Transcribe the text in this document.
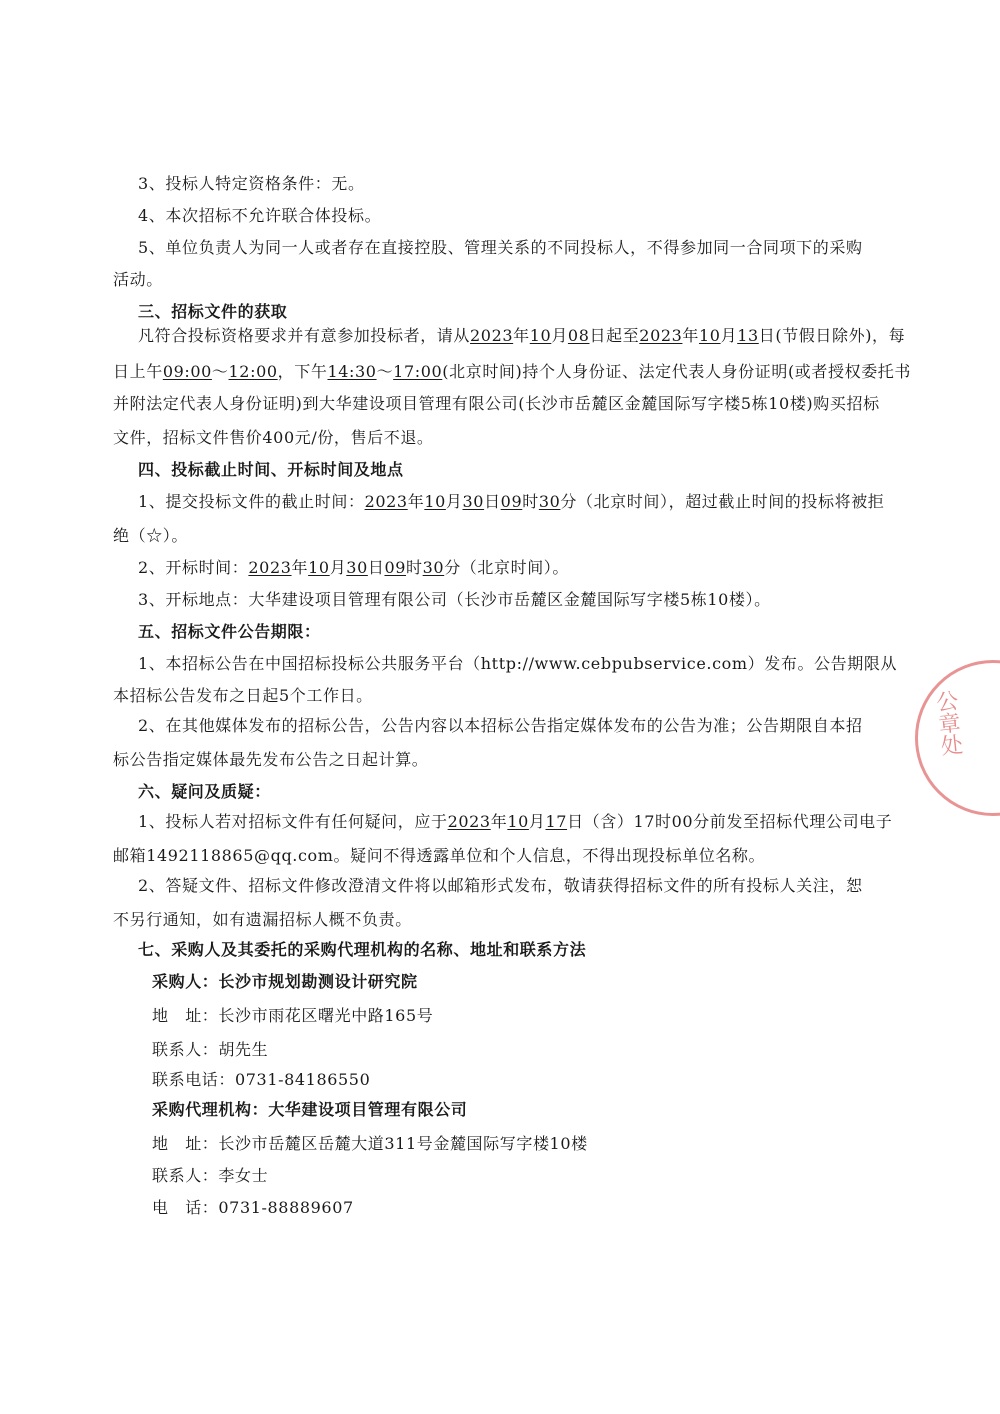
3、投标人特定资格条件：无。
4、本次招标不允许联合体投标。
5、单位负责人为同一人或者存在直接控股、管理关系的不同投标人，不得参加同一合同项下的采购
活动。
三、招标文件的获取
凡符合投标资格要求并有意参加投标者，请从2023年10月08日起至2023年10月13日(节假日除外)，每
日上午09:00～12:00，下午14:30～17:00(北京时间)持个人身份证、法定代表人身份证明(或者授权委托书
并附法定代表人身份证明)到大华建设项目管理有限公司(长沙市岳麓区金麓国际写字楼5栋10楼)购买招标
文件，招标文件售价400元/份，售后不退。
四、投标截止时间、开标时间及地点
1、提交投标文件的截止时间：2023年10月30日09时30分（北京时间），超过截止时间的投标将被拒
绝（☆）。
2、开标时间：2023年10月30日09时30分（北京时间）。
3、开标地点：大华建设项目管理有限公司（长沙市岳麓区金麓国际写字楼5栋10楼）。
五、招标文件公告期限：
1、本招标公告在中国招标投标公共服务平台（http://www.cebpubservice.com）发布。公告期限从
本招标公告发布之日起5个工作日。
2、在其他媒体发布的招标公告，公告内容以本招标公告指定媒体发布的公告为准；公告期限自本招
标公告指定媒体最先发布公告之日起计算。
六、疑问及质疑：
1、投标人若对招标文件有任何疑问，应于2023年10月17日（含）17时00分前发至招标代理公司电子
邮箱1492118865@qq.com。疑问不得透露单位和个人信息，不得出现投标单位名称。
2、答疑文件、招标文件修改澄清文件将以邮箱形式发布，敬请获得招标文件的所有投标人关注，恕
不另行通知，如有遗漏招标人概不负责。
七、采购人及其委托的采购代理机构的名称、地址和联系方法
采购人：长沙市规划勘测设计研究院
地　址：长沙市雨花区曙光中路165号
联系人：胡先生
联系电话：0731-84186550
采购代理机构：大华建设项目管理有限公司
地　址：长沙市岳麓区岳麓大道311号金麓国际写字楼10楼
联系人：李女士
电　话：0731-88889607
公章处
